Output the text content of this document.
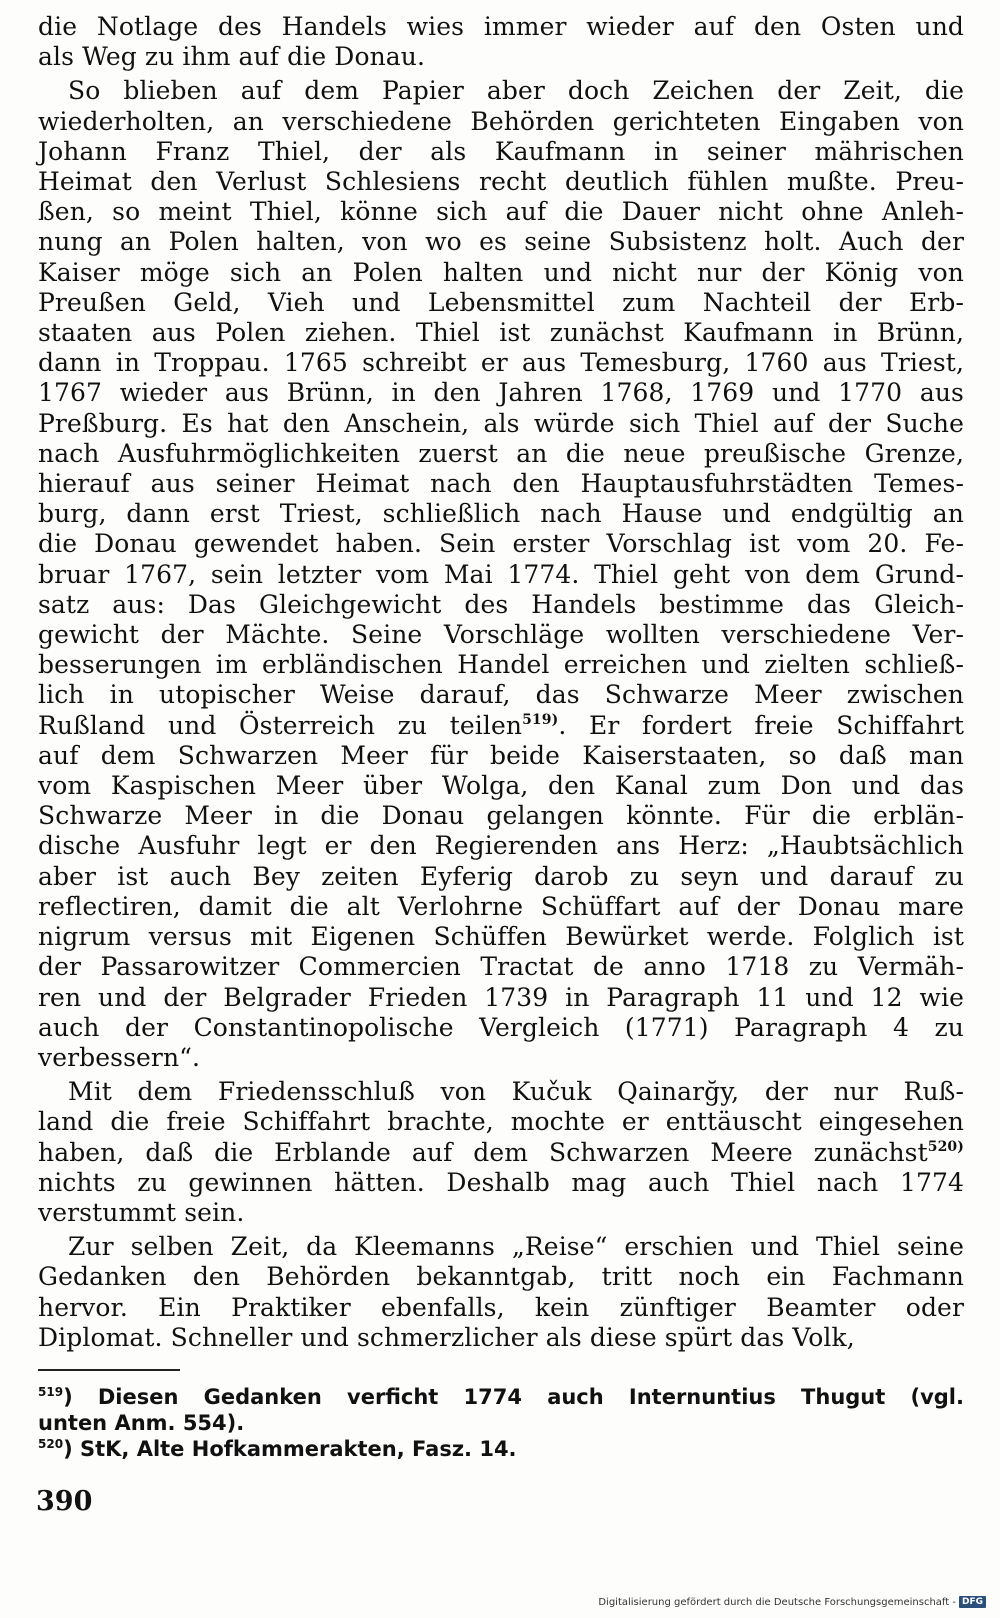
die Notlage des Handels wies immer wieder auf den Osten und
als Weg zu ihm auf die Donau.
So blieben auf dem Papier aber doch Zeichen der Zeit, die
wiederholten, an verschiedene Behörden gerichteten Eingaben von
Johann Franz Thiel, der als Kaufmann in seiner mährischen
Heimat den Verlust Schlesiens recht deutlich fühlen mußte. Preu-
ßen, so meint Thiel, könne sich auf die Dauer nicht ohne Anleh-
nung an Polen halten, von wo es seine Subsistenz holt. Auch der
Kaiser möge sich an Polen halten und nicht nur der König von
Preußen Geld, Vieh und Lebensmittel zum Nachteil der Erb-
staaten aus Polen ziehen. Thiel ist zunächst Kaufmann in Brünn,
dann in Troppau. 1765 schreibt er aus Temesburg, 1760 aus Triest,
1767 wieder aus Brünn, in den Jahren 1768, 1769 und 1770 aus
Preßburg. Es hat den Anschein, als würde sich Thiel auf der Suche
nach Ausfuhrmöglichkeiten zuerst an die neue preußische Grenze,
hierauf aus seiner Heimat nach den Hauptausfuhrstädten Temes-
burg, dann erst Triest, schließlich nach Hause und endgültig an
die Donau gewendet haben. Sein erster Vorschlag ist vom 20. Fe-
bruar 1767, sein letzter vom Mai 1774. Thiel geht von dem Grund-
satz aus: Das Gleichgewicht des Handels bestimme das Gleich-
gewicht der Mächte. Seine Vorschläge wollten verschiedene Ver-
besserungen im erbländischen Handel erreichen und zielten schließ-
lich in utopischer Weise darauf, das Schwarze Meer zwischen
Rußland und Österreich zu teilen$^{519)}$. Er fordert freie Schiffahrt
auf dem Schwarzen Meer für beide Kaiserstaaten, so daß man
vom Kaspischen Meer über Wolga, den Kanal zum Don und das
Schwarze Meer in die Donau gelangen könnte. Für die erblän-
dische Ausfuhr legt er den Regierenden ans Herz: „Haubtsächlich
aber ist auch Bey zeiten Eyferig darob zu seyn und darauf zu
reflectiren, damit die alt Verlohrne Schüffart auf der Donau mare
nigrum versus mit Eigenen Schüffen Bewürket werde. Folglich ist
der Passarowitzer Commercien Tractat de anno 1718 zu Vermäh-
ren und der Belgrader Frieden 1739 in Paragraph 11 und 12 wie
auch der Constantinopolische Vergleich (1771) Paragraph 4 zu
verbessern“.
Mit dem Friedensschluß von Kučuk Qainarğy, der nur Ruß-
land die freie Schiffahrt brachte, mochte er enttäuscht eingesehen
haben, daß die Erblande auf dem Schwarzen Meere zunächst$^{520)}$
nichts zu gewinnen hätten. Deshalb mag auch Thiel nach 1774
verstummt sein.
Zur selben Zeit, da Kleemanns „Reise“ erschien und Thiel seine
Gedanken den Behörden bekanntgab, tritt noch ein Fachmann
hervor. Ein Praktiker ebenfalls, kein zünftiger Beamter oder
Diplomat. Schneller und schmerzlicher als diese spürt das Volk,
$^{519}$) Diesen Gedanken verficht 1774 auch Internuntius Thugut (vgl.
unten Anm. 554).
$^{520}$) StK, Alte Hofkammerakten, Fasz. 14.
390
Digitalisierung gefördert durch die Deutsche Forschungsgemeinschaft - DFG
